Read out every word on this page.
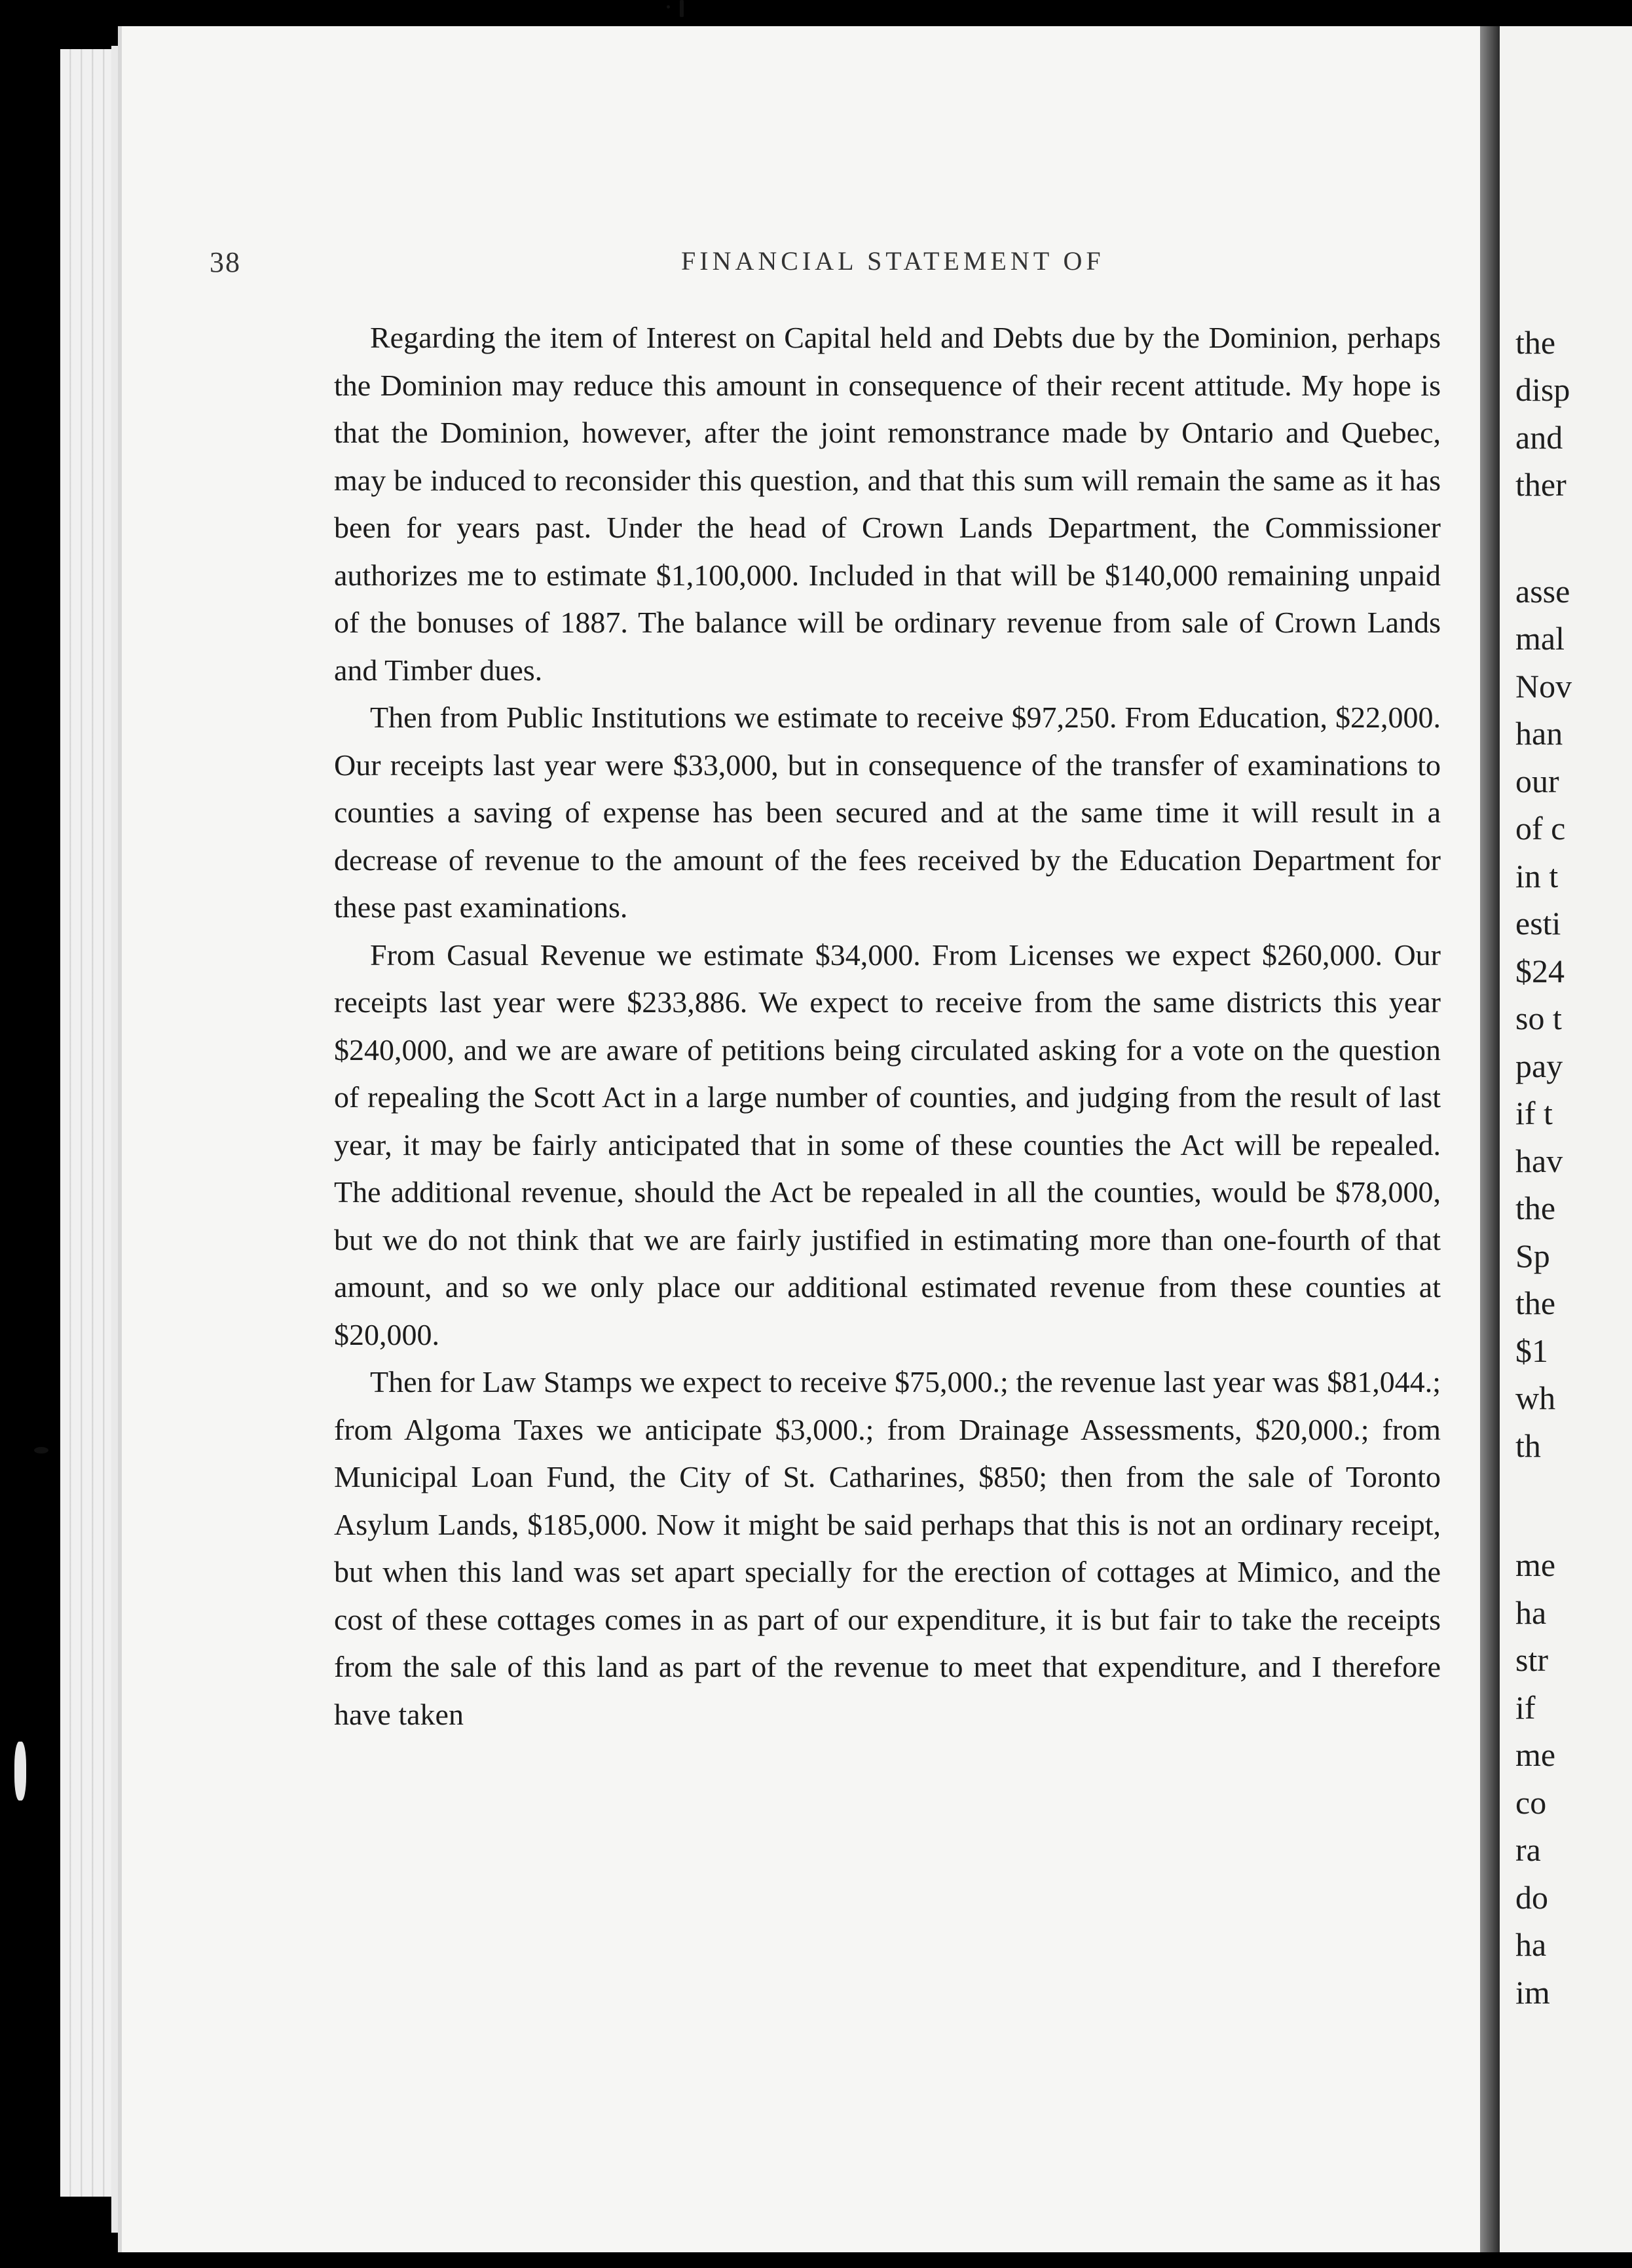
38	FINANCIAL STATEMENT OF

Regarding the item of Interest on Capital held and Debts due by the Dominion, perhaps the Dominion may reduce this amount in consequence of their recent attitude. My hope is that the Dominion, however, after the joint remonstrance made by Ontario and Quebec, may be induced to reconsider this question, and that this sum will remain the same as it has been for years past. Under the head of Crown Lands Department, the Commissioner authorizes me to estimate $1,100,000. Included in that will be $140,000 remaining unpaid of the bonuses of 1887. The balance will be ordinary revenue from sale of Crown Lands and Timber dues.

Then from Public Institutions we estimate to receive $97,250. From Education, $22,000. Our receipts last year were $33,000, but in consequence of the transfer of examinations to counties a saving of expense has been secured and at the same time it will result in a decrease of revenue to the amount of the fees received by the Education Department for these past examinations.

From Casual Revenue we estimate $34,000. From Licenses we expect $260,000. Our receipts last year were $233,886. We expect to receive from the same districts this year $240,000, and we are aware of petitions being circulated asking for a vote on the question of repealing the Scott Act in a large number of counties, and judging from the result of last year, it may be fairly anticipated that in some of these counties the Act will be repealed. The additional revenue, should the Act be repealed in all the counties, would be $78,000, but we do not think that we are fairly justified in estimating more than one-fourth of that amount, and so we only place our additional estimated revenue from these counties at $20,000.

Then for Law Stamps we expect to receive $75,000.; the revenue last year was $81,044.; from Algoma Taxes we anticipate $3,000.; from Drainage Assessments, $20,000.; from Municipal Loan Fund, the City of St. Catharines, $850; then from the sale of Toronto Asylum Lands, $185,000. Now it might be said perhaps that this is not an ordinary receipt, but when this land was set apart specially for the erection of cottages at Mimico, and the cost of these cottages comes in as part of our expenditure, it is but fair to take the receipts from the sale of this land as part of the revenue to meet that expenditure, and I therefore have taken

the
disp
and
ther
asse
mal
Nov
han
our
of c
in t
esti
$24
so t
pay
if t
hav
the
Sp
the
$1
wh
th
me
ha
str
if
me
co
ra
do
ha
im
